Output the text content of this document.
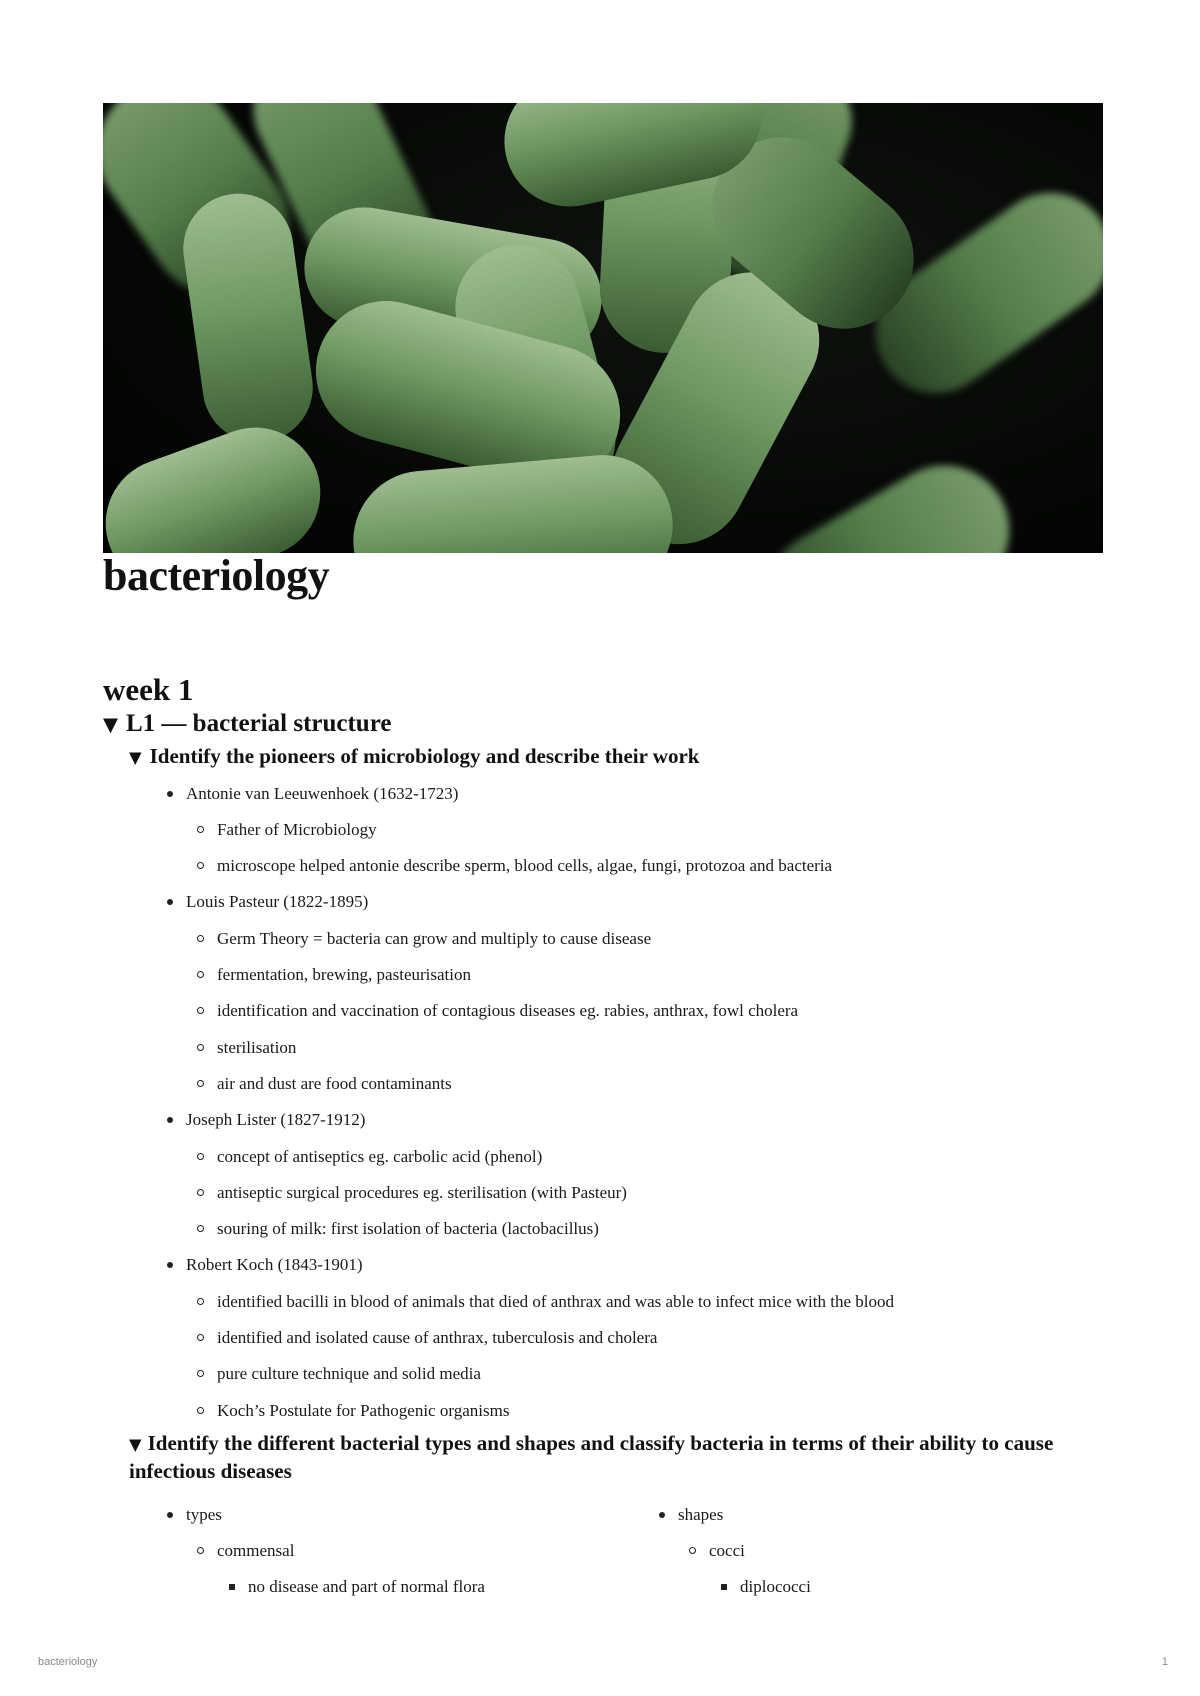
bacteriology
week 1
▼ L1 — bacterial structure
▼ Identify the pioneers of microbiology and describe their work
Antonie van Leeuwenhoek (1632-1723)
Father of Microbiology
microscope helped antonie describe sperm, blood cells, algae, fungi, protozoa and bacteria
Louis Pasteur (1822-1895)
Germ Theory = bacteria can grow and multiply to cause disease
fermentation, brewing, pasteurisation
identification and vaccination of contagious diseases eg. rabies, anthrax, fowl cholera
sterilisation
air and dust are food contaminants
Joseph Lister (1827-1912)
concept of antiseptics eg. carbolic acid (phenol)
antiseptic surgical procedures eg. sterilisation (with Pasteur)
souring of milk: first isolation of bacteria (lactobacillus)
Robert Koch (1843-1901)
identified bacilli in blood of animals that died of anthrax and was able to infect mice with the blood
identified and isolated cause of anthrax, tuberculosis and cholera
pure culture technique and solid media
Koch’s Postulate for Pathogenic organisms
▼ Identify the different bacterial types and shapes and classify bacteria in terms of their ability to cause infectious diseases
types
commensal
no disease and part of normal flora
shapes
cocci
diplococci
bacteriology	1
